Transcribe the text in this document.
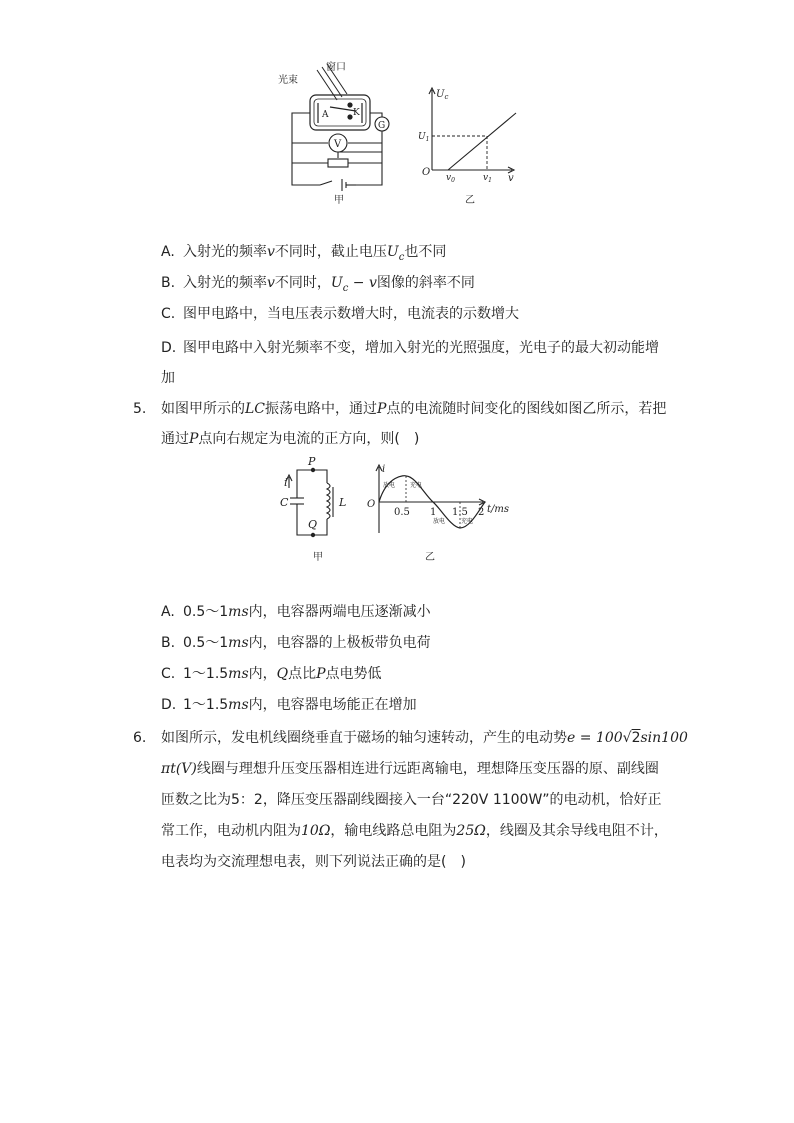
光束
窗口
A	K
V
G
甲
$U_c$
$U_1$
O $v_0$	$v_1$ v
乙
A. 入射光的频率v不同时，截止电压$U_c$也不同
B. 入射光的频率v不同时，$U_c - v$图像的斜率不同
C. 图甲电路中，当电压表示数增大时，电流表的示数增大
D. 图甲电路中入射光频率不变，增加入射光的光照强度，光电子的最大初动能增
加
5. 如图甲所示的LC振荡电路中，通过P点的电流随时间变化的图线如图乙所示，若把
通过P点向右规定为电流的正方向，则(　)
P
Q
i
C	L
甲
i
O	t/ms
0.5 1 1.5 2
放电 充电
放电	充电
乙
A. 0.5～1ms内，电容器两端电压逐渐减小
B. 0.5～1ms内，电容器的上极板带负电荷
C. 1～1.5ms内，Q点比P点电势低
D. 1～1.5ms内，电容器电场能正在增加
6. 如图所示，发电机线圈绕垂直于磁场的轴匀速转动，产生的电动势e = 100√2sin100
πt(V)线圈与理想升压变压器相连进行远距离输电，理想降压变压器的原、副线圈
匝数之比为5：2，降压变压器副线圈接入一台“220V 1100W”的电动机，恰好正
常工作，电动机内阻为10Ω，输电线路总电阻为25Ω，线圈及其余导线电阻不计，
电表均为交流理想电表，则下列说法正确的是(　)
